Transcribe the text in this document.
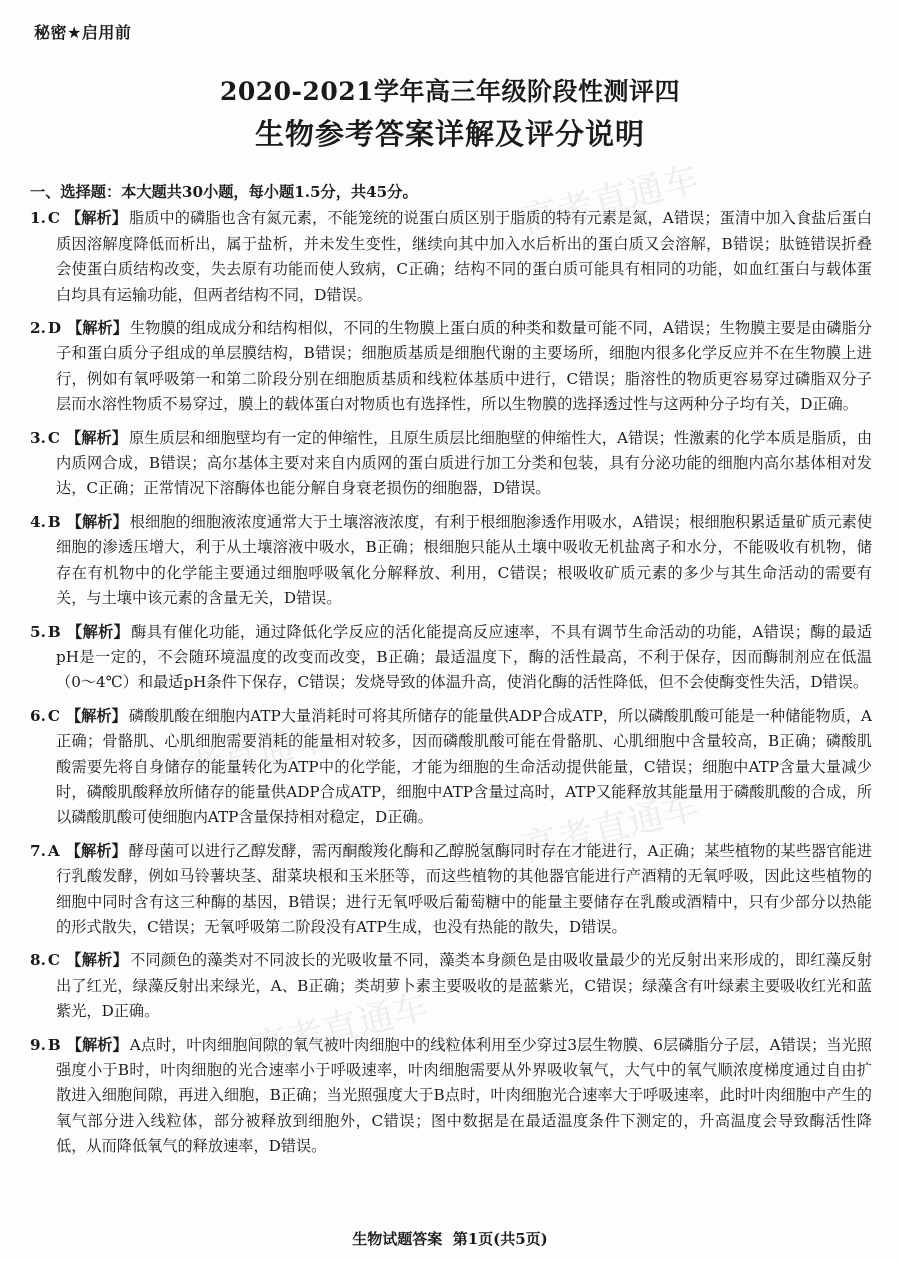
秘密★启用前
2020-2021学年高三年级阶段性测评四
生物参考答案详解及评分说明
高考直通车
高考直通车
高考直通车
高考直通车
一、选择题：本大题共30小题，每小题1.5分，共45分。
1. C 【解析】 脂质中的磷脂也含有氮元素，不能笼统的说蛋白质区别于脂质的特有元素是氮，A错误；蛋清中加入食盐后蛋白质因溶解度降低而析出，属于盐析，并未发生变性，继续向其中加入水后析出的蛋白质又会溶解，B错误；肽链错误折叠会使蛋白质结构改变，失去原有功能而使人致病，C正确；结构不同的蛋白质可能具有相同的功能，如血红蛋白与载体蛋白均具有运输功能，但两者结构不同，D错误。
2. D 【解析】 生物膜的组成成分和结构相似，不同的生物膜上蛋白质的种类和数量可能不同，A错误；生物膜主要是由磷脂分子和蛋白质分子组成的单层膜结构，B错误；细胞质基质是细胞代谢的主要场所，细胞内很多化学反应并不在生物膜上进行，例如有氧呼吸第一和第二阶段分别在细胞质基质和线粒体基质中进行，C错误；脂溶性的物质更容易穿过磷脂双分子层而水溶性物质不易穿过，膜上的载体蛋白对物质也有选择性，所以生物膜的选择透过性与这两种分子均有关，D正确。
3. C 【解析】 原生质层和细胞壁均有一定的伸缩性，且原生质层比细胞壁的伸缩性大，A错误；性激素的化学本质是脂质，由内质网合成，B错误；高尔基体主要对来自内质网的蛋白质进行加工分类和包装，具有分泌功能的细胞内高尔基体相对发达，C正确；正常情况下溶酶体也能分解自身衰老损伤的细胞器，D错误。
4. B 【解析】 根细胞的细胞液浓度通常大于土壤溶液浓度，有利于根细胞渗透作用吸水，A错误；根细胞积累适量矿质元素使细胞的渗透压增大，利于从土壤溶液中吸水，B正确；根细胞只能从土壤中吸收无机盐离子和水分，不能吸收有机物，储存在有机物中的化学能主要通过细胞呼吸氧化分解释放、利用，C错误；根吸收矿质元素的多少与其生命活动的需要有关，与土壤中该元素的含量无关，D错误。
5. B 【解析】 酶具有催化功能，通过降低化学反应的活化能提高反应速率，不具有调节生命活动的功能，A错误；酶的最适pH是一定的，不会随环境温度的改变而改变，B正确；最适温度下，酶的活性最高，不利于保存，因而酶制剂应在低温（0～4℃）和最适pH条件下保存，C错误；发烧导致的体温升高，使消化酶的活性降低，但不会使酶变性失活，D错误。
6. C 【解析】 磷酸肌酸在细胞内ATP大量消耗时可将其所储存的能量供ADP合成ATP，所以磷酸肌酸可能是一种储能物质，A正确；骨骼肌、心肌细胞需要消耗的能量相对较多，因而磷酸肌酸可能在骨骼肌、心肌细胞中含量较高，B正确；磷酸肌酸需要先将自身储存的能量转化为ATP中的化学能，才能为细胞的生命活动提供能量，C错误；细胞中ATP含量大量减少时，磷酸肌酸释放所储存的能量供ADP合成ATP，细胞中ATP含量过高时，ATP又能释放其能量用于磷酸肌酸的合成，所以磷酸肌酸可使细胞内ATP含量保持相对稳定，D正确。
7. A 【解析】 酵母菌可以进行乙醇发酵，需丙酮酸羧化酶和乙醇脱氢酶同时存在才能进行，A正确；某些植物的某些器官能进行乳酸发酵，例如马铃薯块茎、甜菜块根和玉米胚等，而这些植物的其他器官能进行产酒精的无氧呼吸，因此这些植物的细胞中同时含有这三种酶的基因，B错误；进行无氧呼吸后葡萄糖中的能量主要储存在乳酸或酒精中，只有少部分以热能的形式散失，C错误；无氧呼吸第二阶段没有ATP生成，也没有热能的散失，D错误。
8. C 【解析】 不同颜色的藻类对不同波长的光吸收量不同，藻类本身颜色是由吸收量最少的光反射出来形成的，即红藻反射出了红光，绿藻反射出来绿光，A、B正确；类胡萝卜素主要吸收的是蓝紫光，C错误；绿藻含有叶绿素主要吸收红光和蓝紫光，D正确。
9. B 【解析】 A点时，叶肉细胞间隙的氧气被叶肉细胞中的线粒体利用至少穿过3层生物膜、6层磷脂分子层，A错误；当光照强度小于B时，叶肉细胞的光合速率小于呼吸速率，叶肉细胞需要从外界吸收氧气，大气中的氧气顺浓度梯度通过自由扩散进入细胞间隙，再进入细胞，B正确；当光照强度大于B点时，叶肉细胞光合速率大于呼吸速率，此时叶肉细胞中产生的氧气部分进入线粒体，部分被释放到细胞外，C错误；图中数据是在最适温度条件下测定的，升高温度会导致酶活性降低，从而降低氧气的释放速率，D错误。
生物试题答案 第1页(共5页)
